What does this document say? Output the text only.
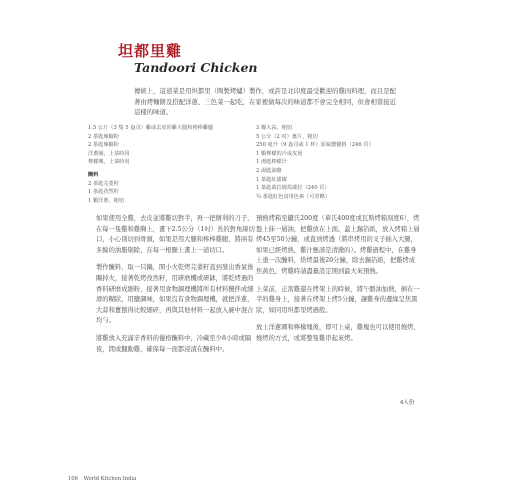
坦都里雞
Tandoori Chicken
傳統上，這道菜是用坦都里（陶製烤爐）製作，或許是北印度最受歡迎的雞肉料理，而且是配著由烤麵餅及搭配洋蔥、三色菜一起吃，在家裡做每次的味道都不會完全相同，但會相當接近這樣的味道。
1.5 公斤（3 隻 5 盎司）雞或去皮的雞大腿和棒棒雞腿
2 茶匙辣椒粉
2 茶匙辣椒粉
洋蔥圈，上菜時用
檸檬塊，上菜時用
醃料
2 茶匙芫荽籽
1 茶匙孜然籽
1 顆洋蔥，粗切
3 瓣大蒜，粗切
5 公分（2 吋）薑片，粗切
250 毫升（9 盎司或 1 杯）原味濃優格（246 頁）
1 顆檸檬的汁或皮屑
1 湯匙棒檬汁
2 湯匙油酪
1 茶匙紅甜椒
1 茶匙葛拉姆馬薩拉（240 頁）
¼ 茶匙紅色食用色素（可省略）

如果使用全雞，去皮並將雞切對半，再一把餅利的刀子，在每一隻雞和雞胸上，畫下2.5公分（1吋）長的對角線切口，小心別切到骨頭，如果是用大腿和棒棒雞腿，將兩有多餘的油脂剔除，在每一根腿上畫上一道切口。

製作醃料，取一只鍋，開小火乾烤芫荽籽直到發出香氣後關掉火，接著乾烤孜然籽，用研磨機或研缽，將乾烤過的香料研磨成細粉，接著用食物調理機將所有材料攪拌成細滑的糊狀，用鹽調味，如果沒有食物調理機，就把洋蔥，大蒜和薑刨得比較細碎，再與其他材料一起放入碗中混合均勻。

將雞放入充滿辛香料的優格醃料中，冷藏至少8小時或隔夜，間或翻動雞，確保每一面都浸漬在醃料中。

預熱烤箱至攝氏200度（華氏400度或瓦斯烤箱刻度6），烤盤上抹一層油，把雞放在上面。蓋上錫箔紙，放入烤箱上層烤45至50分鐘，或直到烤透（將串烤用的叉子插入大腿，如果已經烤熟，雞汁應該是清澈的）。烤雞過程中，在雞身上塗一次醃料，烘烤最後20分鐘，除去錫箔紙，把雞烤成焦黃色，烤雞時請盡量設定開到最大來預熱。

上菜前，正當雞還在烤架上的時候，將午酪油加熱，倒在一半的雞身上，接著在烤架上烤5分鐘，讓雞身的邊緣呈焦黑狀，如同用坦都里烤過般。

放上洋蔥圈和檸檬塊後，即可上桌，雞塊也可以使用燒烤、燒烤的方式，或將整隻雞串起來烤。

4人份
106 World Kitchen India
